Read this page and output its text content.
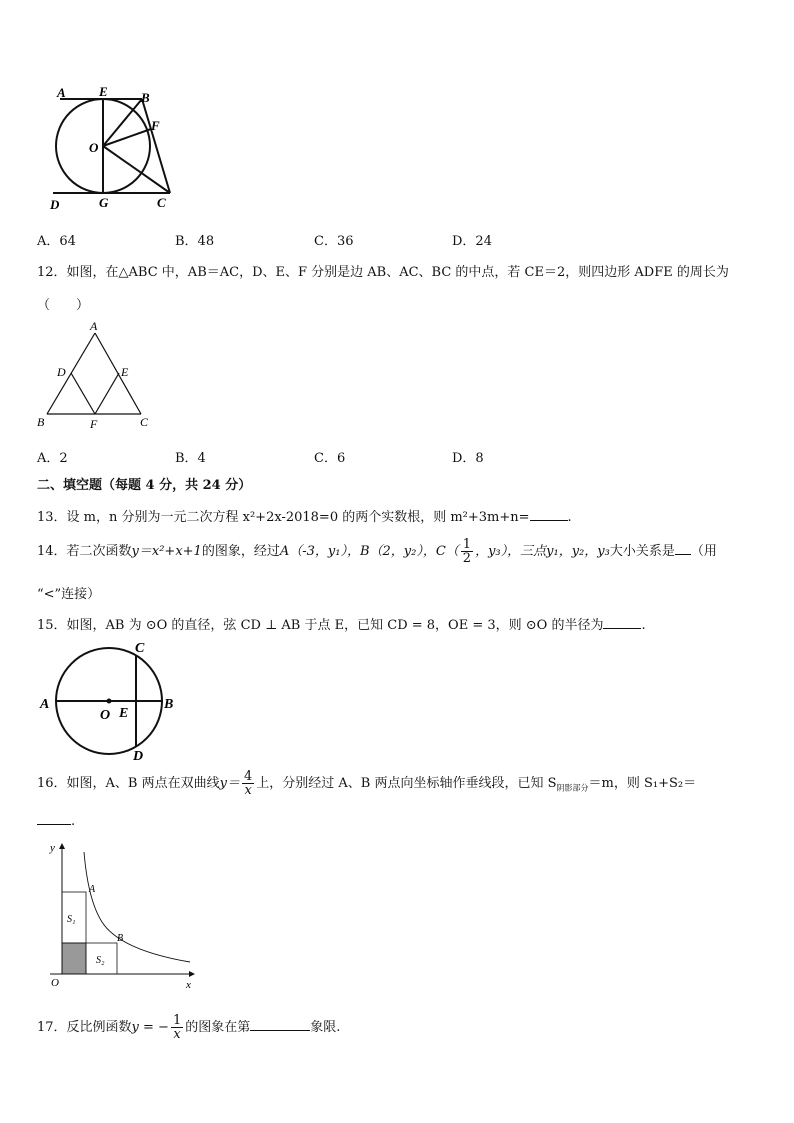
A	E	B
F
O
D	G	C
A．64	B．48	C．36	D．24
12．如图，在△ABC 中，AB＝AC，D、E、F 分别是边 AB、AC、BC 的中点，若 CE＝2，则四边形 ADFE 的周长为
（　　）
A
D	E
B	F	C
A．2	B．4	C．6	D．8
二、填空题（每题 4 分，共 24 分）
13．设 m，n 分别为一元二次方程 x²+2x-2018=0 的两个实数根，则 m²+3m+n=	.
14．若二次函数y＝x²+x+1的图象，经过A（-3，y₁），B（2，y₂），$C( \frac{1}{2}$ ，y₃），三点y₁，y₂，y₃大小关系是 （用
“<”连接）
15．如图，AB 为 ⊙O 的直径，弦 CD ⊥ AB 于点 E，已知 CD = 8，OE = 3，则 ⊙O 的半径为	.
A	B
C
D
O E
16．如图，A、B 两点在双曲线$y= \frac{4}{x}$ 上，分别经过 A、B 两点向坐标轴作垂线段，已知 $S_{阴影部分}=m$，则 S₁+S₂＝
.
y
x
O
A
B
S₁
S₂
17．反比例函数y = − $\frac{1}{x}$ 的图象在第	象限.
